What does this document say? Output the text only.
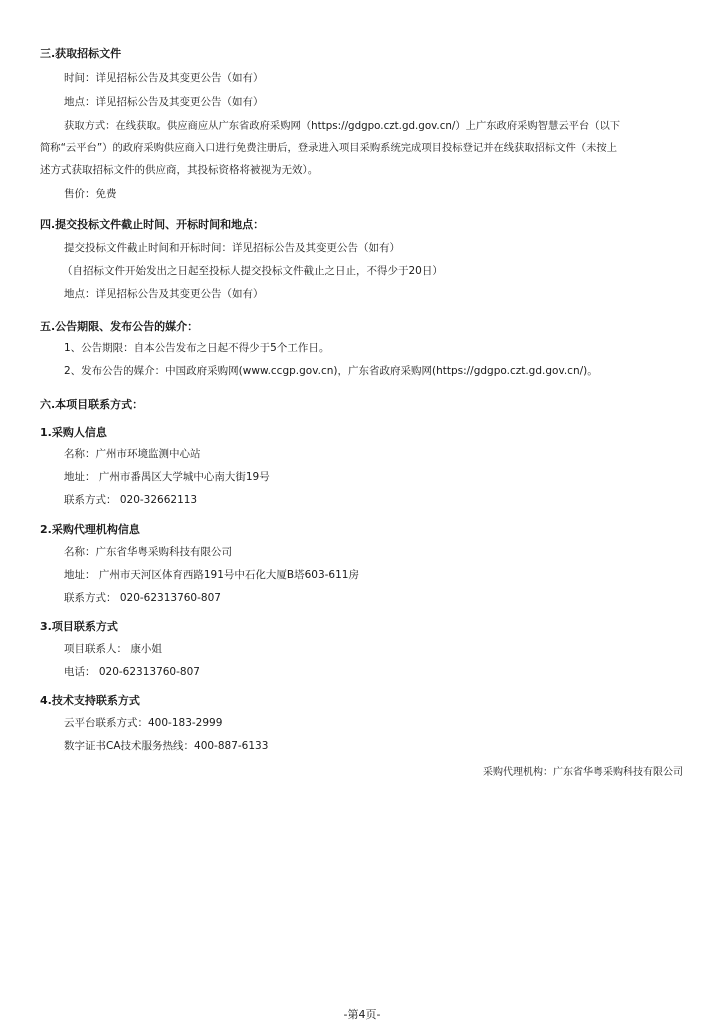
三.获取招标文件
时间：详见招标公告及其变更公告（如有）
地点：详见招标公告及其变更公告（如有）
获取方式：在线获取。供应商应从广东省政府采购网（https://gdgpo.czt.gd.gov.cn/）上广东政府采购智慧云平台（以下
简称“云平台”）的政府采购供应商入口进行免费注册后，登录进入项目采购系统完成项目投标登记并在线获取招标文件（未按上
述方式获取招标文件的供应商，其投标资格将被视为无效）。
售价：免费
四.提交投标文件截止时间、开标时间和地点：
提交投标文件截止时间和开标时间：详见招标公告及其变更公告（如有）
（自招标文件开始发出之日起至投标人提交投标文件截止之日止，不得少于20日）
地点：详见招标公告及其变更公告（如有）
五.公告期限、发布公告的媒介：
1、公告期限：自本公告发布之日起不得少于5个工作日。
2、发布公告的媒介：中国政府采购网(www.ccgp.gov.cn)，广东省政府采购网(https://gdgpo.czt.gd.gov.cn/)。
六.本项目联系方式：
1.采购人信息
名称：广州市环境监测中心站
地址： 广州市番禺区大学城中心南大街19号
联系方式： 020-32662113
2.采购代理机构信息
名称：广东省华粤采购科技有限公司
地址： 广州市天河区体育西路191号中石化大厦B塔603-611房
联系方式： 020-62313760-807
3.项目联系方式
项目联系人： 康小姐
电话： 020-62313760-807
4.技术支持联系方式
云平台联系方式：400-183-2999
数字证书CA技术服务热线：400-887-6133
采购代理机构：广东省华粤采购科技有限公司
-第4页-
